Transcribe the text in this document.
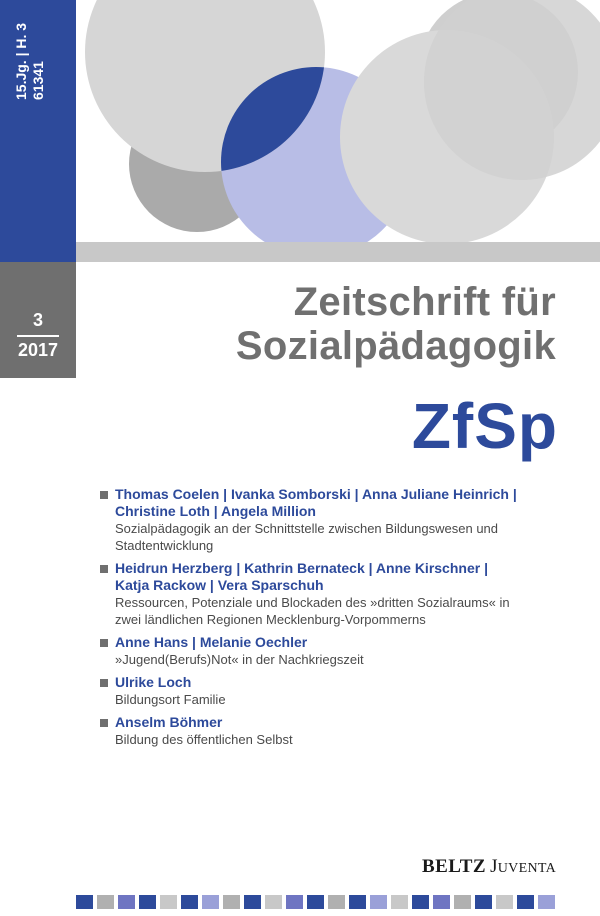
15.Jg. | H. 3 61341
3
2017
Zeitschrift für
Sozialpädagogik
ZfSp
Thomas Coelen | Ivanka Somborski | Anna Juliane Heinrich |
Christine Loth | Angela Million
Sozialpädagogik an der Schnittstelle zwischen Bildungswesen und
Stadtentwicklung
Heidrun Herzberg | Kathrin Bernateck | Anne Kirschner |
Katja Rackow | Vera Sparschuh
Ressourcen, Potenziale und Blockaden des »dritten Sozialraums« in
zwei ländlichen Regionen Mecklenburg-Vorpommerns
Anne Hans | Melanie Oechler
»Jugend(Berufs)Not« in der Nachkriegszeit
Ulrike Loch
Bildungsort Familie
Anselm Böhmer
Bildung des öffentlichen Selbst
BELTZ JUVENTA
